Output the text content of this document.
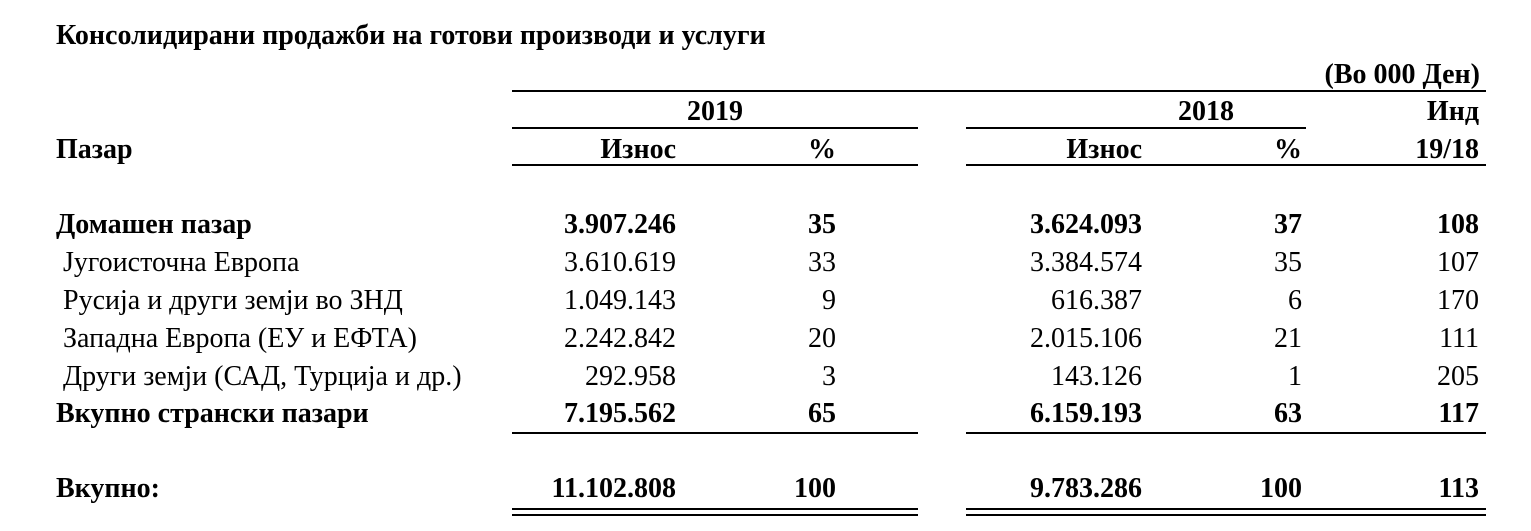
Консолидирани продажби на готови производи и услуги
(Во 000 Ден)
2019	2018	Инд
Пазар	Износ	%	Износ	%	19/18
Домашен пазар	3.907.246	35	3.624.093	37	108
Југоисточна Европа	3.610.619	33	3.384.574	35	107
Русија и други земји во ЗНД	1.049.143	9	616.387	6	170
Западна Европа (ЕУ и ЕФТА)	2.242.842	20	2.015.106	21	111
Други земји (САД, Турција и др.)	292.958	3	143.126	1	205
Вкупно странски пазари	7.195.562	65	6.159.193	63	117
Вкупно:	11.102.808	100	9.783.286	100	113
